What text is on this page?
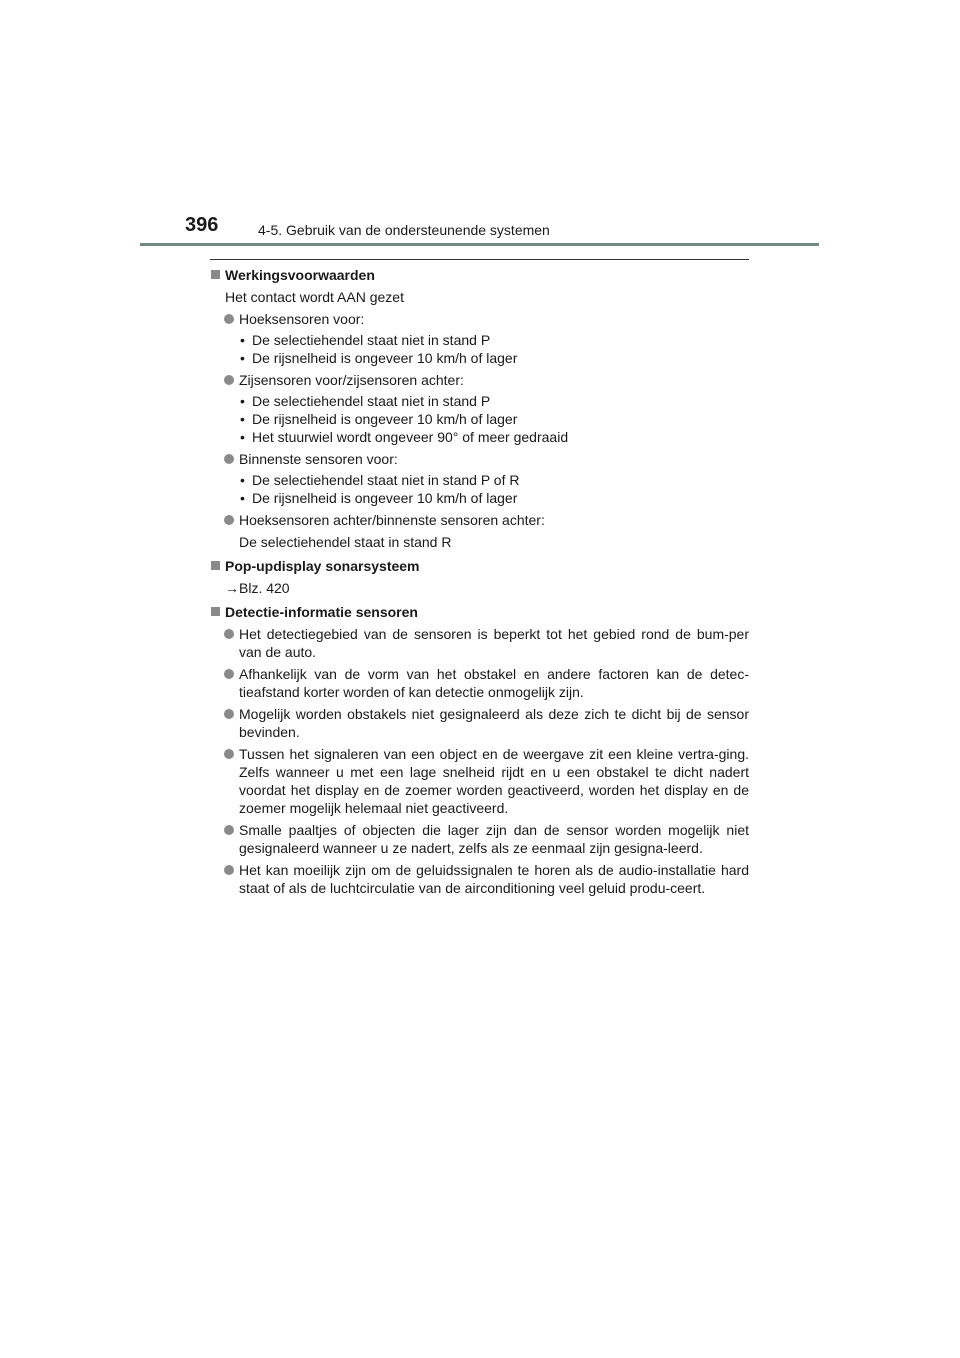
396	4-5. Gebruik van de ondersteunende systemen
Werkingsvoorwaarden
Het contact wordt AAN gezet
Hoeksensoren voor:
• De selectiehendel staat niet in stand P
• De rijsnelheid is ongeveer 10 km/h of lager
Zijsensoren voor/zijsensoren achter:
• De selectiehendel staat niet in stand P
• De rijsnelheid is ongeveer 10 km/h of lager
• Het stuurwiel wordt ongeveer 90° of meer gedraaid
Binnenste sensoren voor:
• De selectiehendel staat niet in stand P of R
• De rijsnelheid is ongeveer 10 km/h of lager
Hoeksensoren achter/binnenste sensoren achter:
De selectiehendel staat in stand R
Pop-updisplay sonarsysteem
→Blz. 420
Detectie-informatie sensoren
Het detectiegebied van de sensoren is beperkt tot het gebied rond de bum-per van de auto.
Afhankelijk van de vorm van het obstakel en andere factoren kan de detec-tieafstand korter worden of kan detectie onmogelijk zijn.
Mogelijk worden obstakels niet gesignaleerd als deze zich te dicht bij de sensor bevinden.
Tussen het signaleren van een object en de weergave zit een kleine vertra-ging. Zelfs wanneer u met een lage snelheid rijdt en u een obstakel te dicht nadert voordat het display en de zoemer worden geactiveerd, worden het display en de zoemer mogelijk helemaal niet geactiveerd.
Smalle paaltjes of objecten die lager zijn dan de sensor worden mogelijk niet gesignaleerd wanneer u ze nadert, zelfs als ze eenmaal zijn gesigna-leerd.
Het kan moeilijk zijn om de geluidssignalen te horen als de audio-installatie hard staat of als de luchtcirculatie van de airconditioning veel geluid produ-ceert.
